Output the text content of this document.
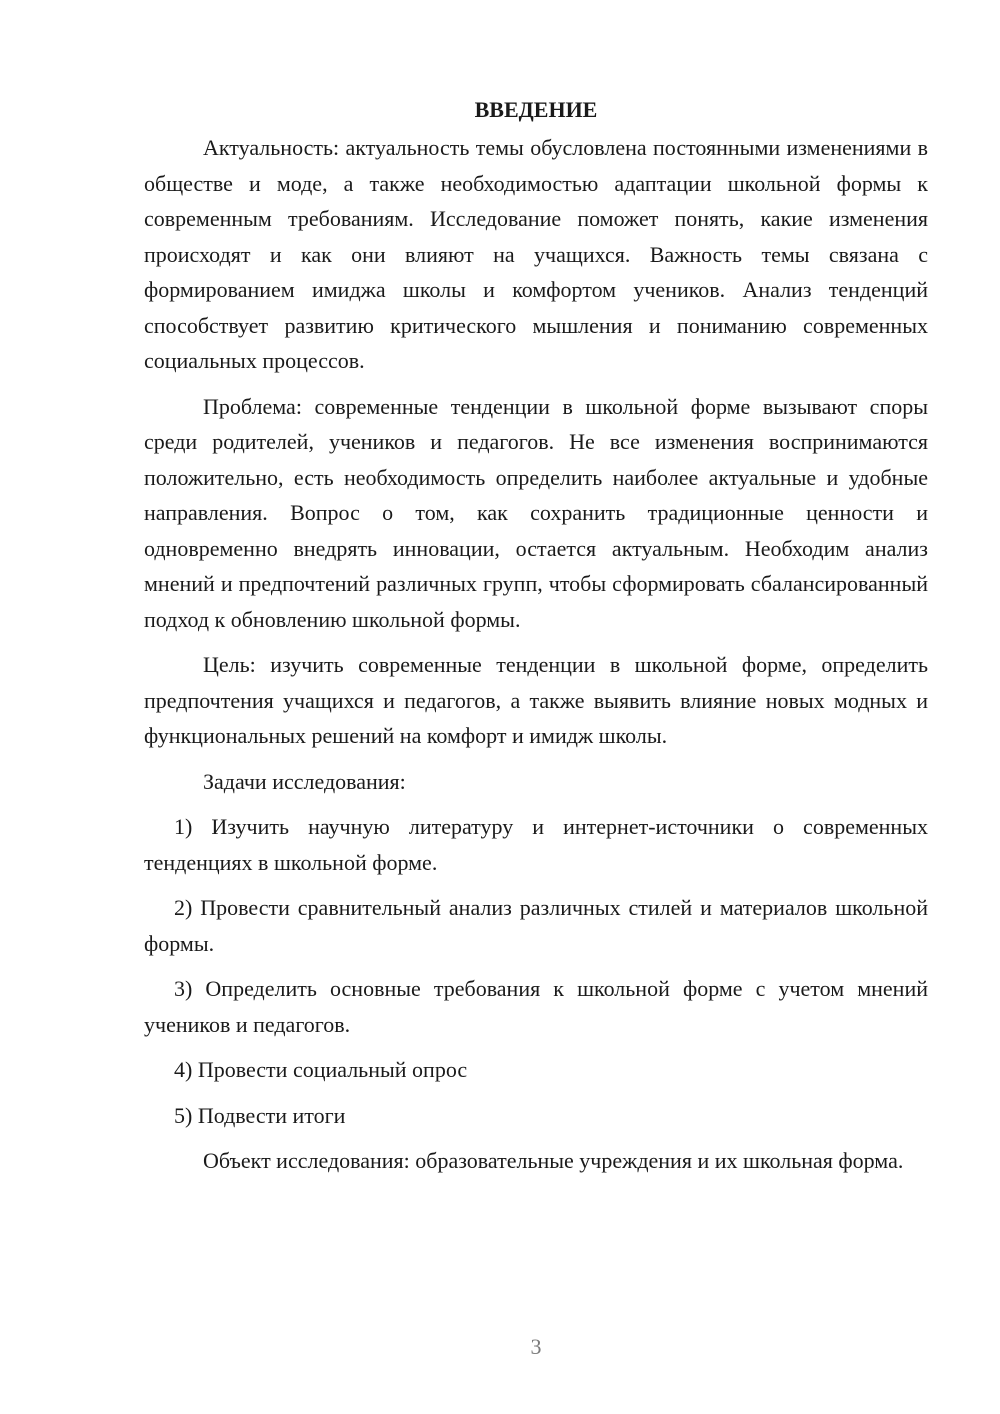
ВВЕДЕНИЕ

Актуальность: актуальность темы обусловлена постоянными изменениями в обществе и моде, а также необходимостью адаптации школьной формы к современным требованиям. Исследование поможет понять, какие изменения происходят и как они влияют на учащихся. Важность темы связана с формированием имиджа школы и комфортом учеников. Анализ тенденций способствует развитию критического мышления и пониманию современных социальных процессов.

Проблема: современные тенденции в школьной форме вызывают споры среди родителей, учеников и педагогов. Не все изменения воспринимаются положительно, есть необходимость определить наиболее актуальные и удобные направления. Вопрос о том, как сохранить традиционные ценности и одновременно внедрять инновации, остается актуальным. Необходим анализ мнений и предпочтений различных групп, чтобы сформировать сбалансированный подход к обновлению школьной формы.

Цель: изучить современные тенденции в школьной форме, определить предпочтения учащихся и педагогов, а также выявить влияние новых модных и функциональных решений на комфорт и имидж школы.

Задачи исследования:

1) Изучить научную литературу и интернет-источники о современных тенденциях в школьной форме.

2) Провести сравнительный анализ различных стилей и материалов школьной формы.

3) Определить основные требования к школьной форме с учетом мнений учеников и педагогов.

4) Провести социальный опрос

5) Подвести итоги

Объект исследования: образовательные учреждения и их школьная форма.

3
